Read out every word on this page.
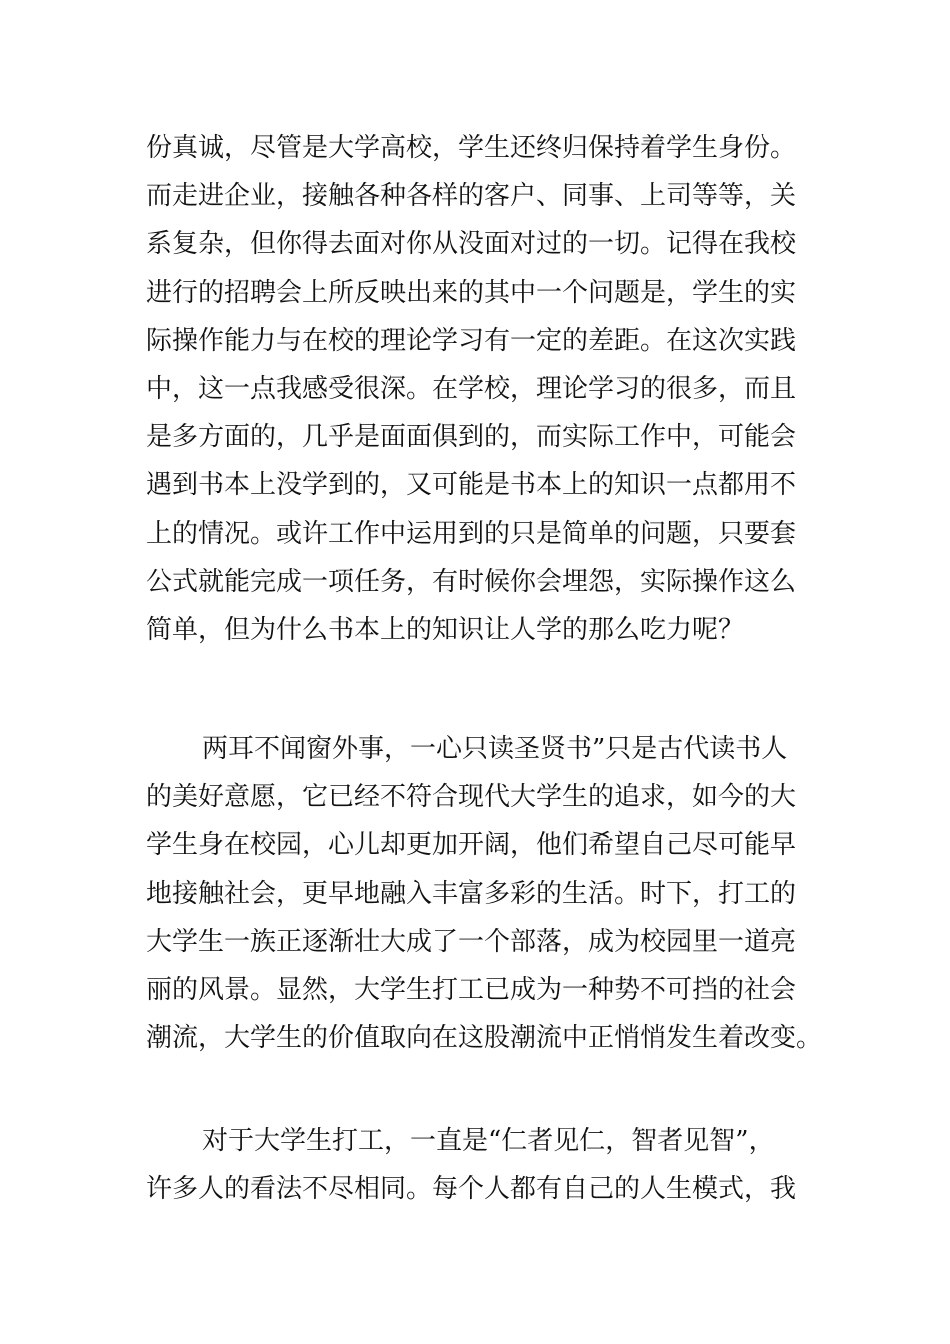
份真诚，尽管是大学高校，学生还终归保持着学生身份。
而走进企业，接触各种各样的客户、同事、上司等等，关
系复杂，但你得去面对你从没面对过的一切。记得在我校
进行的招聘会上所反映出来的其中一个问题是，学生的实
际操作能力与在校的理论学习有一定的差距。在这次实践
中，这一点我感受很深。在学校，理论学习的很多，而且
是多方面的，几乎是面面俱到的，而实际工作中，可能会
遇到书本上没学到的，又可能是书本上的知识一点都用不
上的情况。或许工作中运用到的只是简单的问题，只要套
公式就能完成一项任务，有时候你会埋怨，实际操作这么
简单，但为什么书本上的知识让人学的那么吃力呢？
两耳不闻窗外事，一心只读圣贤书”只是古代读书人
的美好意愿，它已经不符合现代大学生的追求，如今的大
学生身在校园，心儿却更加开阔，他们希望自己尽可能早
地接触社会，更早地融入丰富多彩的生活。时下，打工的
大学生一族正逐渐壮大成了一个部落，成为校园里一道亮
丽的风景。显然，大学生打工已成为一种势不可挡的社会
潮流，大学生的价值取向在这股潮流中正悄悄发生着改变。
对于大学生打工，一直是“仁者见仁，智者见智”，
许多人的看法不尽相同。每个人都有自己的人生模式，我
